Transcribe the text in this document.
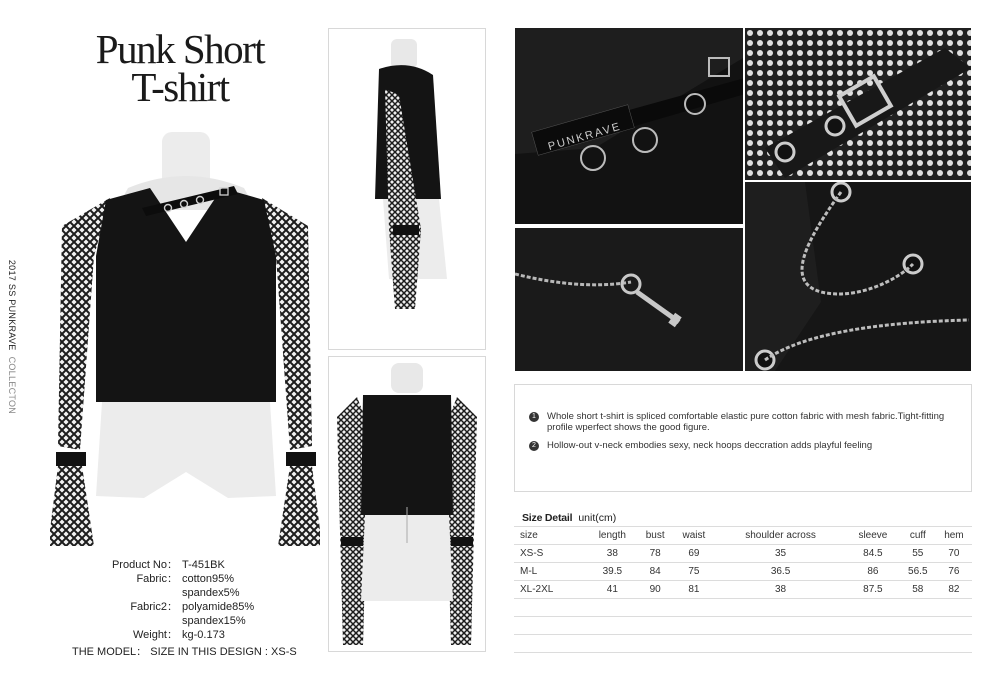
Punk Short
T-shirt
2017 SS PUNKRAVECOLLECTON
Product No： T-451BK
Fabric： cotton95%
spandex5%
Fabric2： polyamide85%
spandex15%
Weight： kg-0.173
THE MODEL： SIZE IN THIS DESIGN : XS-S
PUNKRAVE
1	Whole short t-shirt is spliced comfortable elastic pure cotton fabric with mesh fabric.Tight-fitting profile wperfect shows the good figure.
2	Hollow-out v-neck embodies sexy, neck hoops deccration adds playful feeling
Size Detail unit(cm)
size	length	bust	waist	shoulder across	sleeve	cuff	hem
XS-S	38	78	69	35	84.5	55	70
M-L	39.5	84	75	36.5	86	56.5	76
XL-2XL	41	90	81	38	87.5	58	82
